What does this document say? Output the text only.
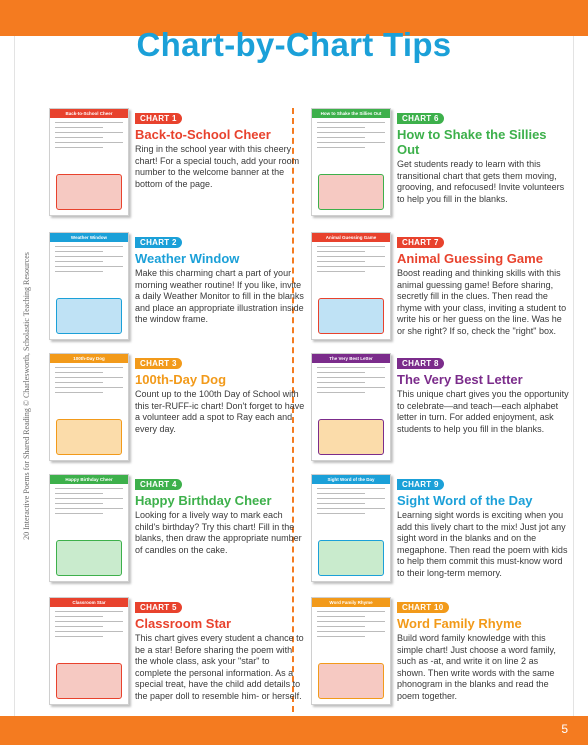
Chart-by-Chart Tips
20 Interactive Poems for Shared Reading © Charlesworth, Scholastic Teaching Resources
Back-to-School Cheer
CHART 1
Back-to-School Cheer
Ring in the school year with this cheery chart! For a special touch, add your room number to the welcome banner at the bottom of the page.
Weather Window
CHART 2
Weather Window
Make this charming chart a part of your morning weather routine! If you like, invite a daily Weather Monitor to fill in the blanks and place an appropriate illustration inside the window frame.
100th-Day Dog
CHART 3
100th-Day Dog
Count up to the 100th Day of School with this ter-RUFF-ic chart! Don't forget to have a volunteer add a spot to Ray each and every day.
Happy Birthday Cheer
CHART 4
Happy Birthday Cheer
Looking for a lively way to mark each child's birthday? Try this chart! Fill in the blanks, then draw the appropriate number of candles on the cake.
Classroom Star
CHART 5
Classroom Star
This chart gives every student a chance to be a star! Before sharing the poem with the whole class, ask your "star" to complete the personal information. As a special treat, have the child add details to the paper doll to resemble him- or herself.
How to Shake the Sillies Out
CHART 6
How to Shake the Sillies Out
Get students ready to learn with this transitional chart that gets them moving, grooving, and refocused! Invite volunteers to help you fill in the blanks.
Animal Guessing Game
CHART 7
Animal Guessing Game
Boost reading and thinking skills with this animal guessing game! Before sharing, secretly fill in the clues. Then read the rhyme with your class, inviting a student to write his or her guess on the line. Was he or she right? If so, check the "right" box.
The Very Best Letter
CHART 8
The Very Best Letter
This unique chart gives you the opportunity to celebrate—and teach—each alphabet letter in turn. For added enjoyment, ask students to help you fill in the blanks.
Sight Word of the Day
CHART 9
Sight Word of the Day
Learning sight words is exciting when you add this lively chart to the mix! Just jot any sight word in the blanks and on the megaphone. Then read the poem with kids to help them commit this must-know word to their long-term memory.
Word Family Rhyme
CHART 10
Word Family Rhyme
Build word family knowledge with this simple chart! Just choose a word family, such as -at, and write it on line 2 as shown. Then write words with the same phonogram in the blanks and read the poem together.
5
